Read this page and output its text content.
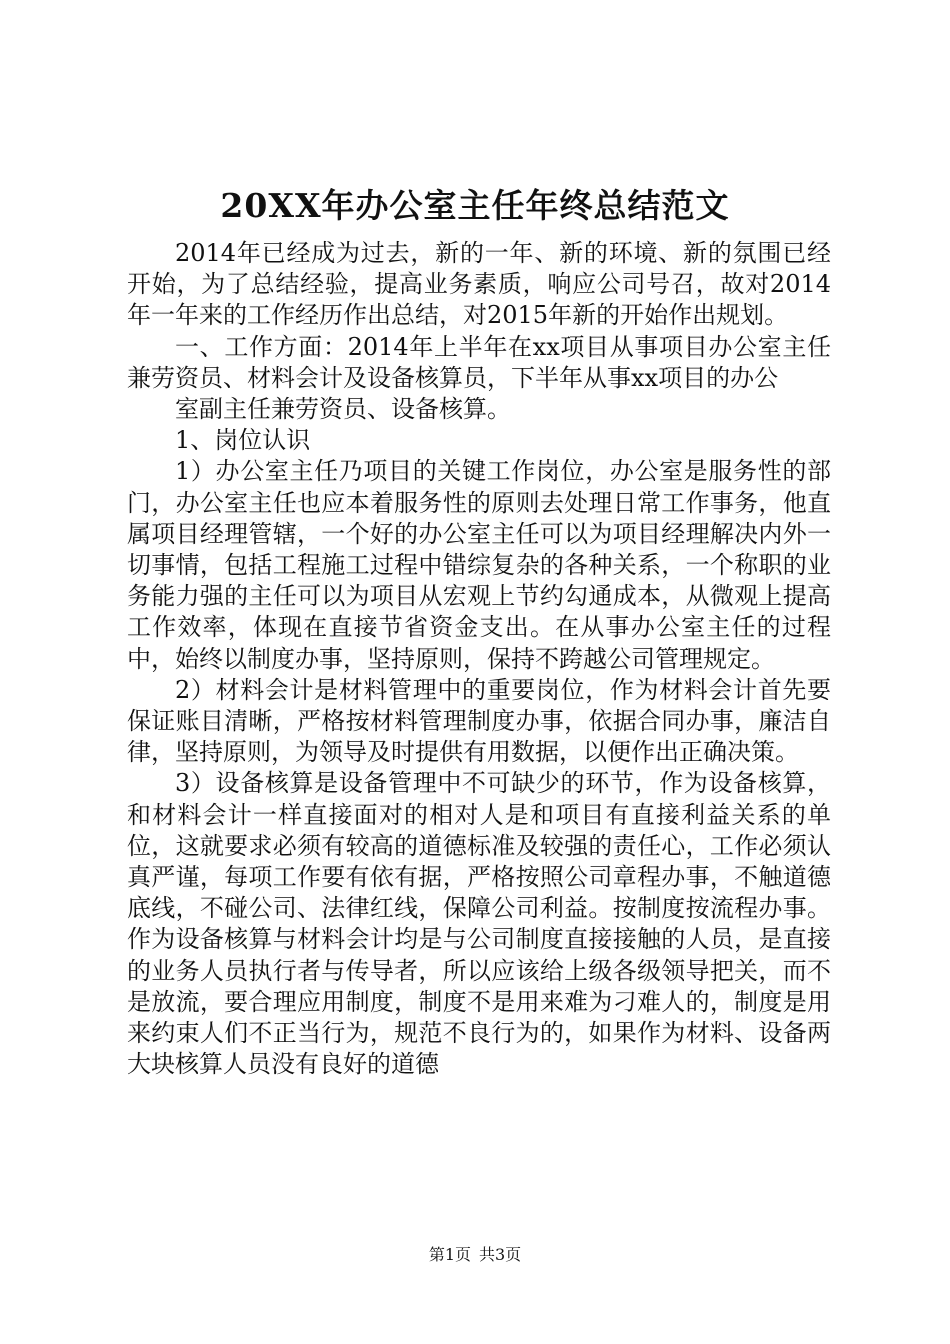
20XX年办公室主任年终总结范文

2014年已经成为过去，新的一年、新的环境、新的氛围已经开始，为了总结经验，提高业务素质，响应公司号召，故对2014年一年来的工作经历作出总结，对2015年新的开始作出规划。

一、工作方面：2014年上半年在xx项目从事项目办公室主任兼劳资员、材料会计及设备核算员，下半年从事xx项目的办公

室副主任兼劳资员、设备核算。

1、岗位认识

1）办公室主任乃项目的关键工作岗位，办公室是服务性的部门，办公室主任也应本着服务性的原则去处理日常工作事务，他直属项目经理管辖，一个好的办公室主任可以为项目经理解决内外一切事情，包括工程施工过程中错综复杂的各种关系，一个称职的业务能力强的主任可以为项目从宏观上节约勾通成本，从微观上提高工作效率，体现在直接节省资金支出。在从事办公室主任的过程中，始终以制度办事，坚持原则，保持不跨越公司管理规定。

2）材料会计是材料管理中的重要岗位，作为材料会计首先要保证账目清晰，严格按材料管理制度办事，依据合同办事，廉洁自律，坚持原则，为领导及时提供有用数据，以便作出正确决策。

3）设备核算是设备管理中不可缺少的环节，作为设备核算，和材料会计一样直接面对的相对人是和项目有直接利益关系的单位，这就要求必须有较高的道德标准及较强的责任心，工作必须认真严谨，每项工作要有依有据，严格按照公司章程办事，不触道德底线，不碰公司、法律红线，保障公司利益。按制度按流程办事。作为设备核算与材料会计均是与公司制度直接接触的人员，是直接的业务人员执行者与传导者，所以应该给上级各级领导把关，而不是放流，要合理应用制度，制度不是用来难为刁难人的，制度是用来约束人们不正当行为，规范不良行为的，如果作为材料、设备两大块核算人员没有良好的道德

第1页 共3页
